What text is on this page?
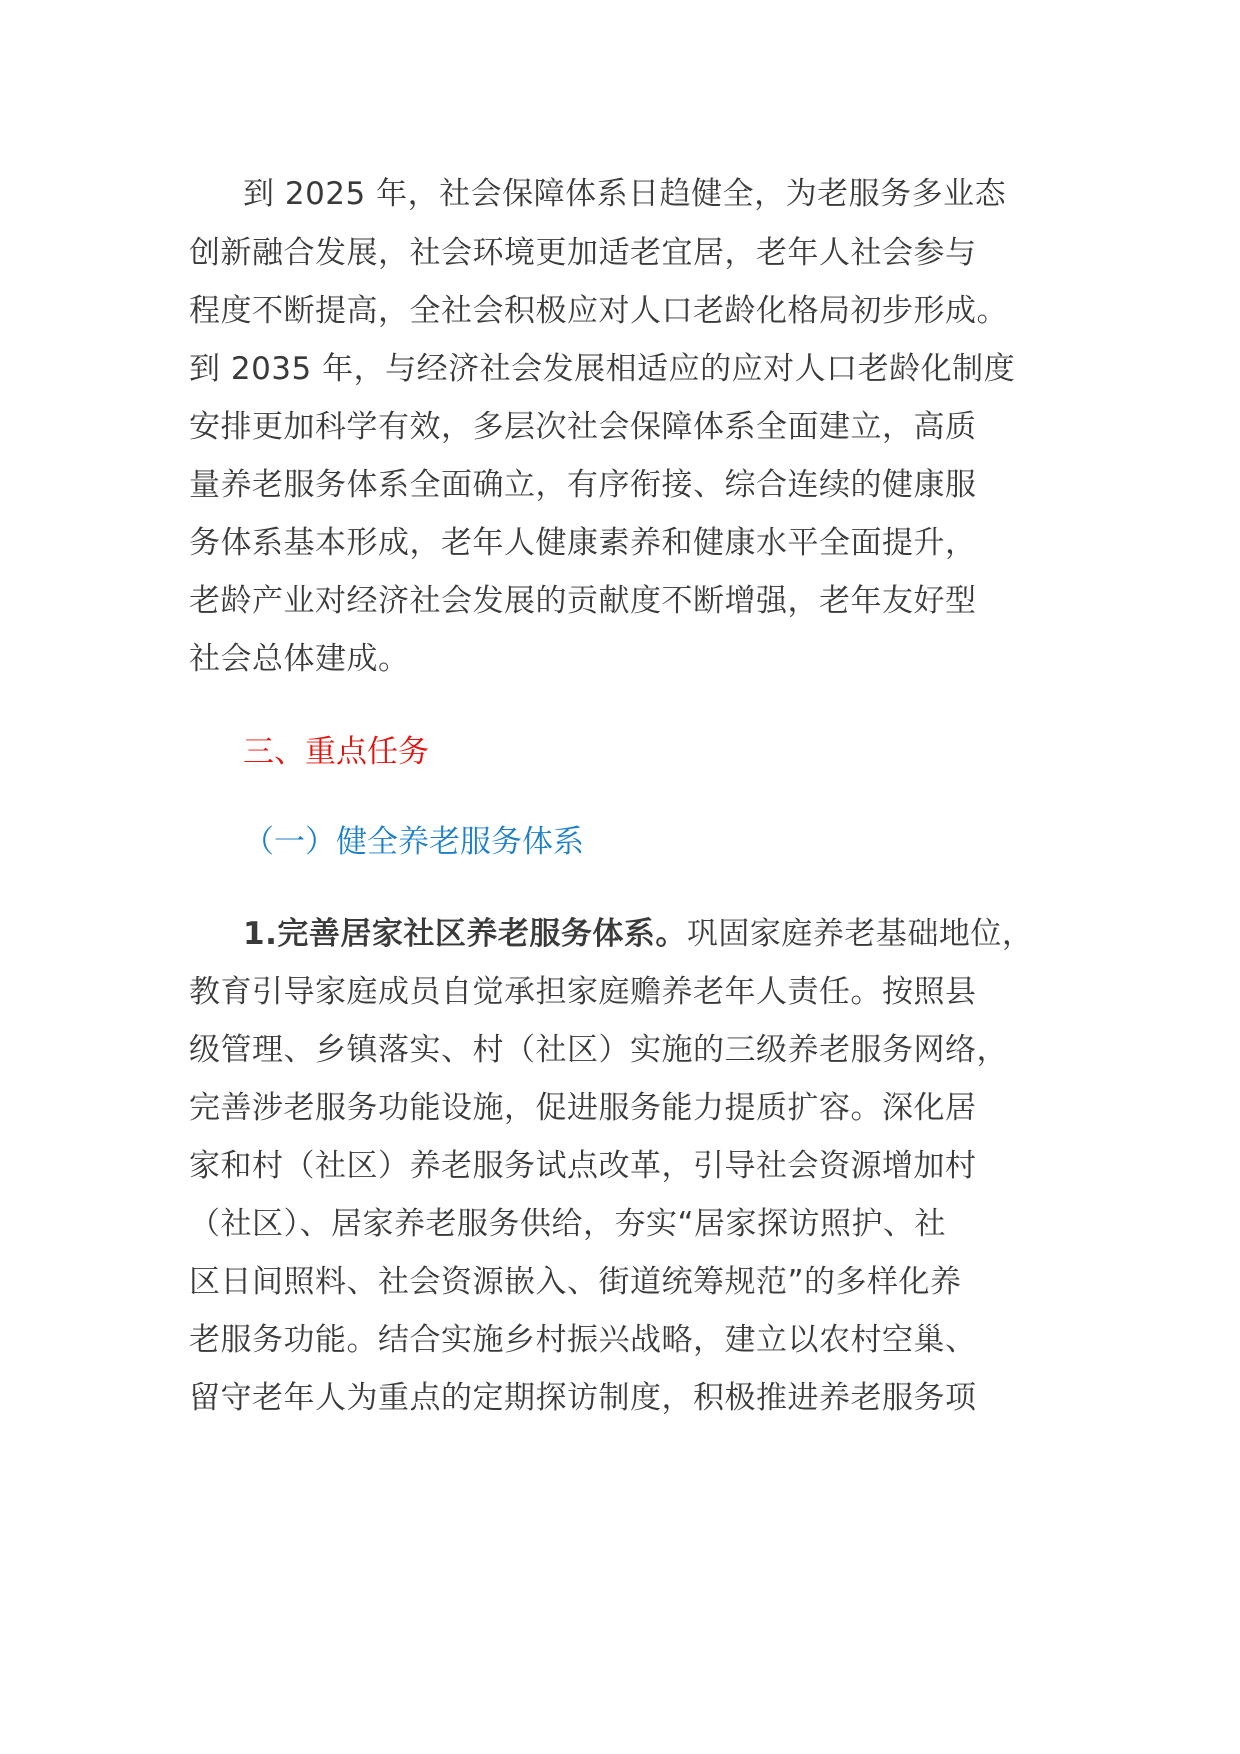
到 2025 年，社会保障体系日趋健全，为老服务多业态
创新融合发展，社会环境更加适老宜居，老年人社会参与
程度不断提高，全社会积极应对人口老龄化格局初步形成。
到 2035 年，与经济社会发展相适应的应对人口老龄化制度
安排更加科学有效，多层次社会保障体系全面建立，高质
量养老服务体系全面确立，有序衔接、综合连续的健康服
务体系基本形成，老年人健康素养和健康水平全面提升，
老龄产业对经济社会发展的贡献度不断增强，老年友好型
社会总体建成。
三、重点任务
（一）健全养老服务体系
1.完善居家社区养老服务体系。巩固家庭养老基础地位，
教育引导家庭成员自觉承担家庭赡养老年人责任。按照县
级管理、乡镇落实、村（社区）实施的三级养老服务网络，
完善涉老服务功能设施，促进服务能力提质扩容。深化居
家和村（社区）养老服务试点改革，引导社会资源增加村
（社区）、居家养老服务供给，夯实“居家探访照护、社
区日间照料、社会资源嵌入、街道统筹规范”的多样化养
老服务功能。结合实施乡村振兴战略，建立以农村空巢、
留守老年人为重点的定期探访制度，积极推进养老服务项
